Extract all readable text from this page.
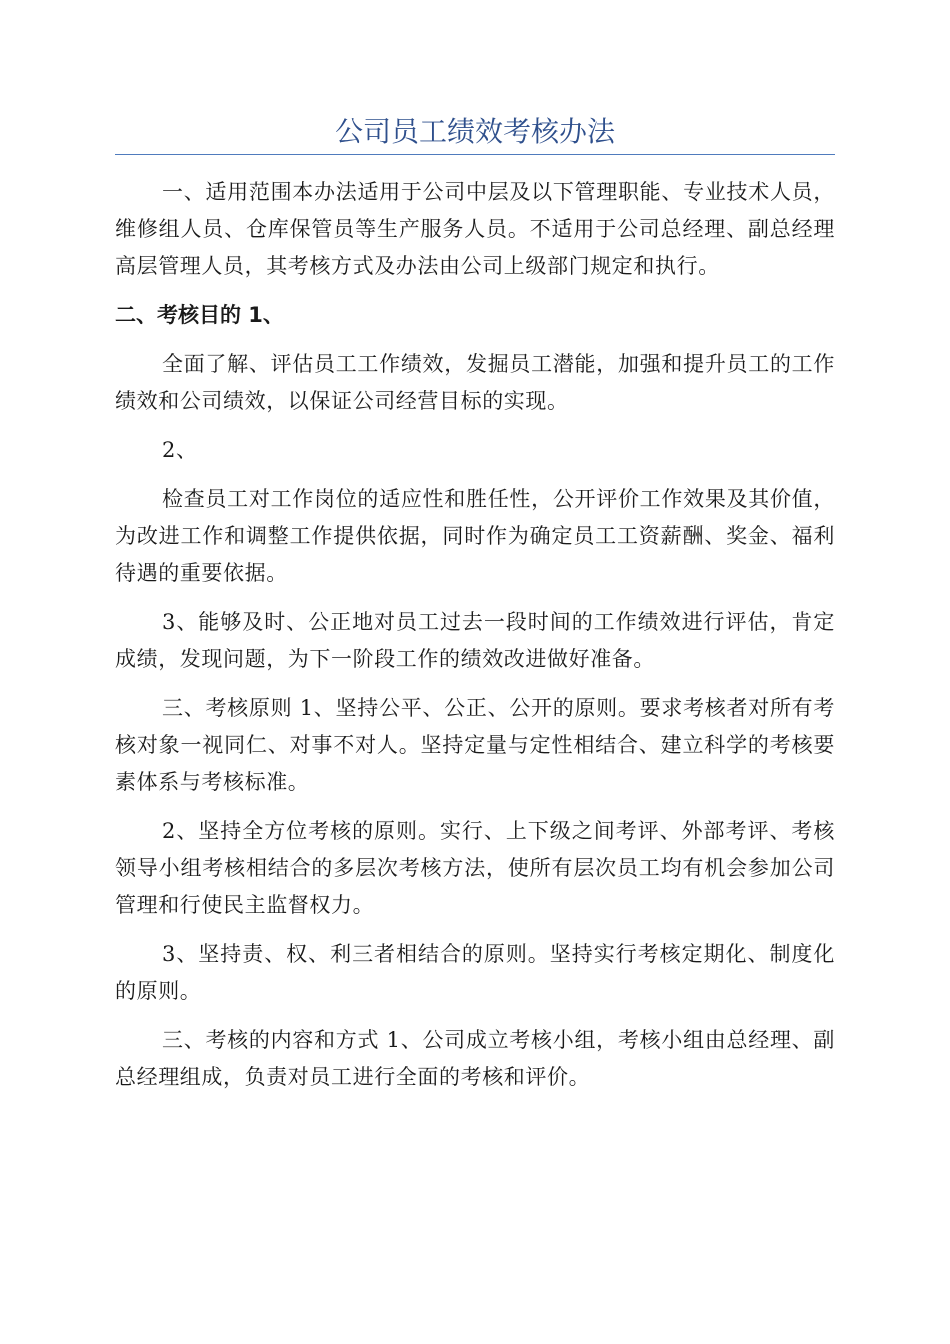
公司员工绩效考核办法

一、适用范围本办法适用于公司中层及以下管理职能、专业技术人员，维修组人员、仓库保管员等生产服务人员。不适用于公司总经理、副总经理高层管理人员，其考核方式及办法由公司上级部门规定和执行。

二、考核目的 1、

全面了解、评估员工工作绩效，发掘员工潜能，加强和提升员工的工作绩效和公司绩效，以保证公司经营目标的实现。

2、

检查员工对工作岗位的适应性和胜任性，公开评价工作效果及其价值，为改进工作和调整工作提供依据，同时作为确定员工工资薪酬、奖金、福利待遇的重要依据。

3、能够及时、公正地对员工过去一段时间的工作绩效进行评估，肯定成绩，发现问题，为下一阶段工作的绩效改进做好准备。

三、考核原则 1、坚持公平、公正、公开的原则。要求考核者对所有考核对象一视同仁、对事不对人。坚持定量与定性相结合、建立科学的考核要素体系与考核标准。

2、坚持全方位考核的原则。实行、上下级之间考评、外部考评、考核领导小组考核相结合的多层次考核方法，使所有层次员工均有机会参加公司管理和行使民主监督权力。

3、坚持责、权、利三者相结合的原则。坚持实行考核定期化、制度化的原则。

三、考核的内容和方式 1、公司成立考核小组，考核小组由总经理、副总经理组成，负责对员工进行全面的考核和评价。
